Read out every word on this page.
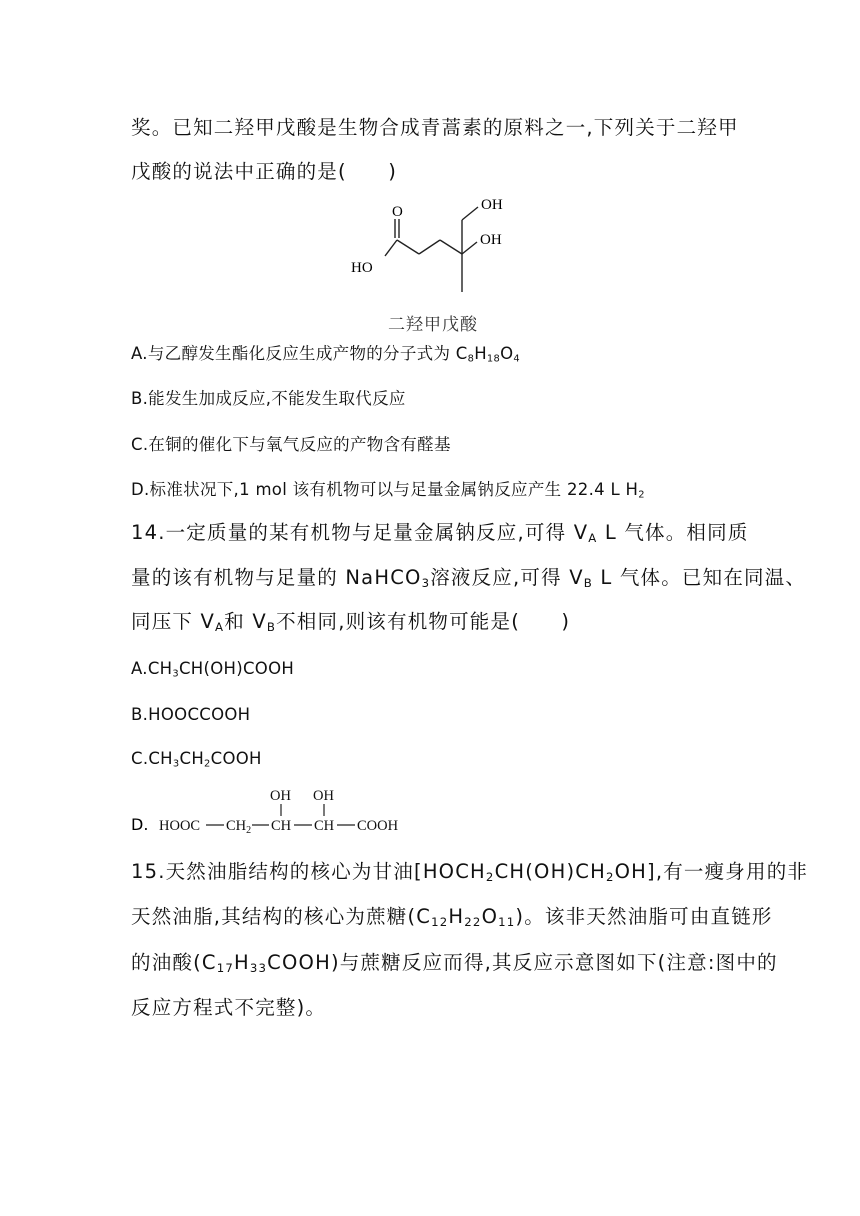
奖。已知二羟甲戊酸是生物合成青蒿素的原料之一,下列关于二羟甲
戊酸的说法中正确的是(　　)
O	OH
OH
HO
二羟甲戊酸
A.与乙醇发生酯化反应生成产物的分子式为 $C_8H_{18}O_4$
B.能发生加成反应,不能发生取代反应
C.在铜的催化下与氧气反应的产物含有醛基
D.标准状况下,1 mol 该有机物可以与足量金属钠反应产生 22.4 L $H_2$
14.一定质量的某有机物与足量金属钠反应,可得 $V_A$ L 气体。相同质
量的该有机物与足量的 NaHCO$_3$溶液反应,可得 $V_B$ L 气体。已知在同温、
同压下 $V_A$和 $V_B$不相同,则该有机物可能是(　　)
$A.CH_3CH(OH)COOH$
B.HOOCCOOH
$C.CH_3CH_2COOH$
D. HOOC $CH_2$ CH CH COOH
OH OH
15.天然油脂结构的核心为甘油$[HOCH_2CH(OH)CH_2OH]$,有一瘦身用的非
天然油脂,其结构的核心为蔗糖$(C_{12}H_{22}O_{11})$。该非天然油脂可由直链形
的油酸$(C_{17}H_{33}COOH)$与蔗糖反应而得,其反应示意图如下(注意:图中的
反应方程式不完整)。
